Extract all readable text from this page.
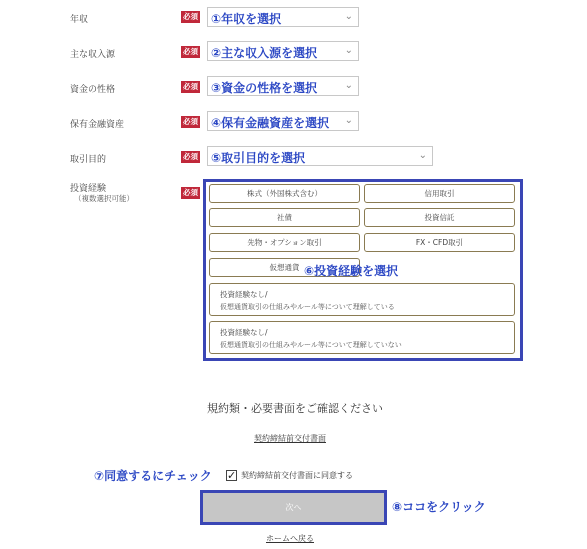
年収	必須 ①年収を選択	⌄
主な収入源	必須 ②主な収入源を選択	⌄
資金の性格	必須 ③資金の性格を選択	⌄
保有金融資産	必須 ④保有金融資産を選択 ⌄
取引目的	必須 ⑤取引目的を選択	⌄
投資経験
（複数選択可能）
必須	株式（外国株式含む）	信用取引
社債	投資信託
先物・オプション取引	FX・CFD取引
仮想通貨 ⑥投資経験を選択
投資経験なし/
仮想通貨取引の仕組みやルール等について理解している
投資経験なし/
仮想通貨取引の仕組みやルール等について理解していない
規約類・必要書面をご確認ください
契約締結前交付書面
⑦同意するにチェック ✓ 契約締結前交付書面に同意する
次へ	⑧ココをクリック
ホームへ戻る
